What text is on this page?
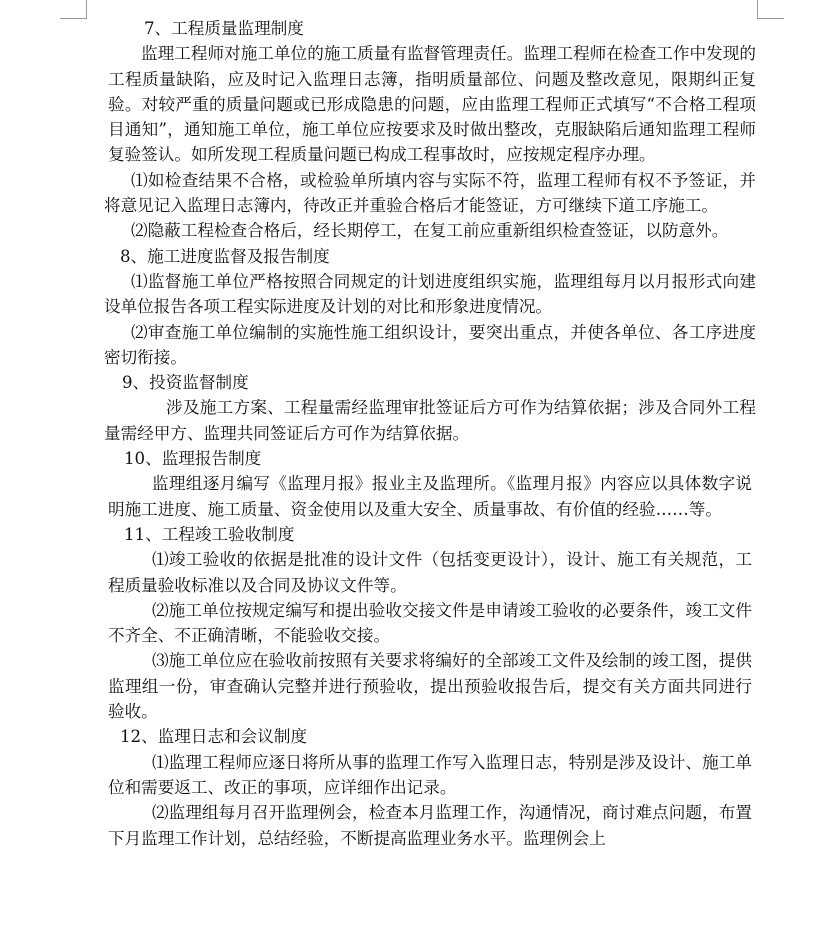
7、工程质量监理制度

监理工程师对施工单位的施工质量有监督管理责任。监理工程师在检查工作中发现的工程质量缺陷，应及时记入监理日志簿，指明质量部位、问题及整改意见，限期纠正复验。对较严重的质量问题或已形成隐患的问题，应由监理工程师正式填写“不合格工程项目通知”，通知施工单位，施工单位应按要求及时做出整改，克服缺陷后通知监理工程师复验签认。如所发现工程质量问题已构成工程事故时，应按规定程序办理。

⑴如检查结果不合格，或检验单所填内容与实际不符，监理工程师有权不予签证，并将意见记入监理日志簿内，待改正并重验合格后才能签证，方可继续下道工序施工。

⑵隐蔽工程检查合格后，经长期停工，在复工前应重新组织检查签证，以防意外。

8、施工进度监督及报告制度

⑴监督施工单位严格按照合同规定的计划进度组织实施，监理组每月以月报形式向建设单位报告各项工程实际进度及计划的对比和形象进度情况。

⑵审查施工单位编制的实施性施工组织设计，要突出重点，并使各单位、各工序进度密切衔接。

9、投资监督制度

涉及施工方案、工程量需经监理审批签证后方可作为结算依据；涉及合同外工程量需经甲方、监理共同签证后方可作为结算依据。

10、监理报告制度

监理组逐月编写《监理月报》报业主及监理所。《监理月报》内容应以具体数字说明施工进度、施工质量、资金使用以及重大安全、质量事故、有价值的经验……等。

11、工程竣工验收制度

⑴竣工验收的依据是批准的设计文件（包括变更设计），设计、施工有关规范，工程质量验收标准以及合同及协议文件等。

⑵施工单位按规定编写和提出验收交接文件是申请竣工验收的必要条件，竣工文件不齐全、不正确清晰，不能验收交接。

⑶施工单位应在验收前按照有关要求将编好的全部竣工文件及绘制的竣工图，提供监理组一份，审查确认完整并进行预验收，提出预验收报告后，提交有关方面共同进行验收。

12、监理日志和会议制度

⑴监理工程师应逐日将所从事的监理工作写入监理日志，特别是涉及设计、施工单位和需要返工、改正的事项，应详细作出记录。

⑵监理组每月召开监理例会，检查本月监理工作，沟通情况，商讨难点问题，布置下月监理工作计划，总结经验，不断提高监理业务水平。监理例会上
